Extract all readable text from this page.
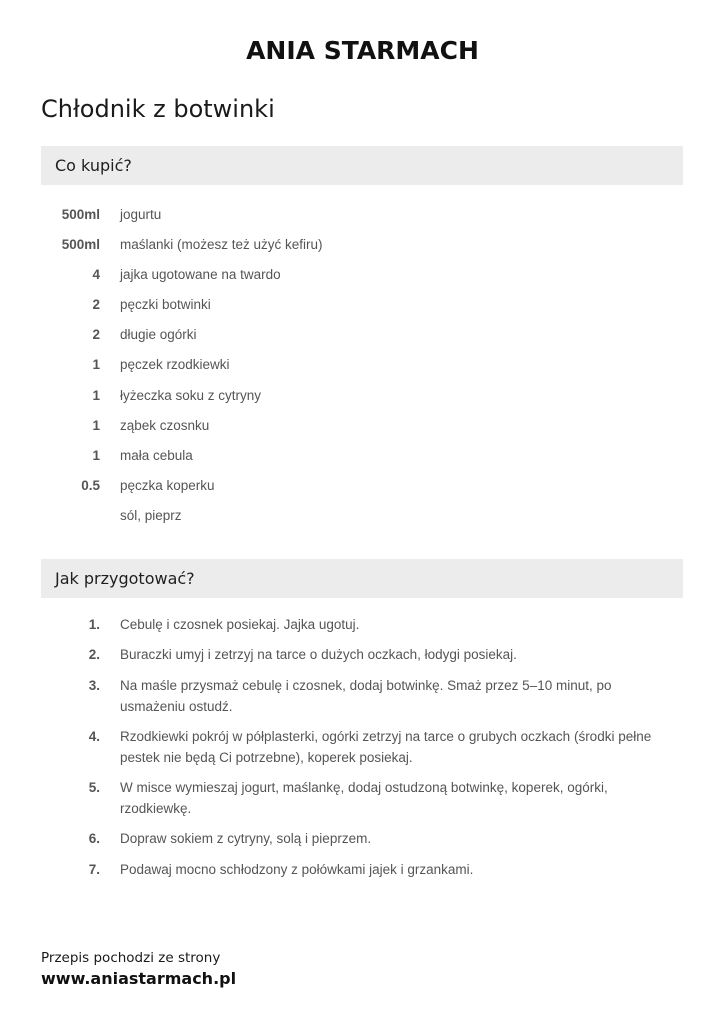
ANIA STARMACH
Chłodnik z botwinki
Co kupić?
500ml jogurtu
500ml maślanki (możesz też użyć kefiru)
4 jajka ugotowane na twardo
2 pęczki botwinki
2 długie ogórki
1 pęczek rzodkiewki
1 łyżeczka soku z cytryny
1 ząbek czosnku
1 mała cebula
0.5 pęczka koperku
sól, pieprz
Jak przygotować?
1. Cebulę i czosnek posiekaj. Jajka ugotuj.
2. Buraczki umyj i zetrzyj na tarce o dużych oczkach, łodygi posiekaj.
3. Na maśle przysmaż cebulę i czosnek, dodaj botwinkę. Smaż przez 5–10 minut, po usmażeniu ostudź.
4. Rzodkiewki pokrój w półplasterki, ogórki zetrzyj na tarce o grubych oczkach (środki pełne pestek nie będą Ci potrzebne), koperek posiekaj.
5. W misce wymieszaj jogurt, maślankę, dodaj ostudzoną botwinkę, koperek, ogórki, rzodkiewkę.
6. Dopraw sokiem z cytryny, solą i pieprzem.
7. Podawaj mocno schłodzony z połówkami jajek i grzankami.
Przepis pochodzi ze strony
www.aniastarmach.pl
